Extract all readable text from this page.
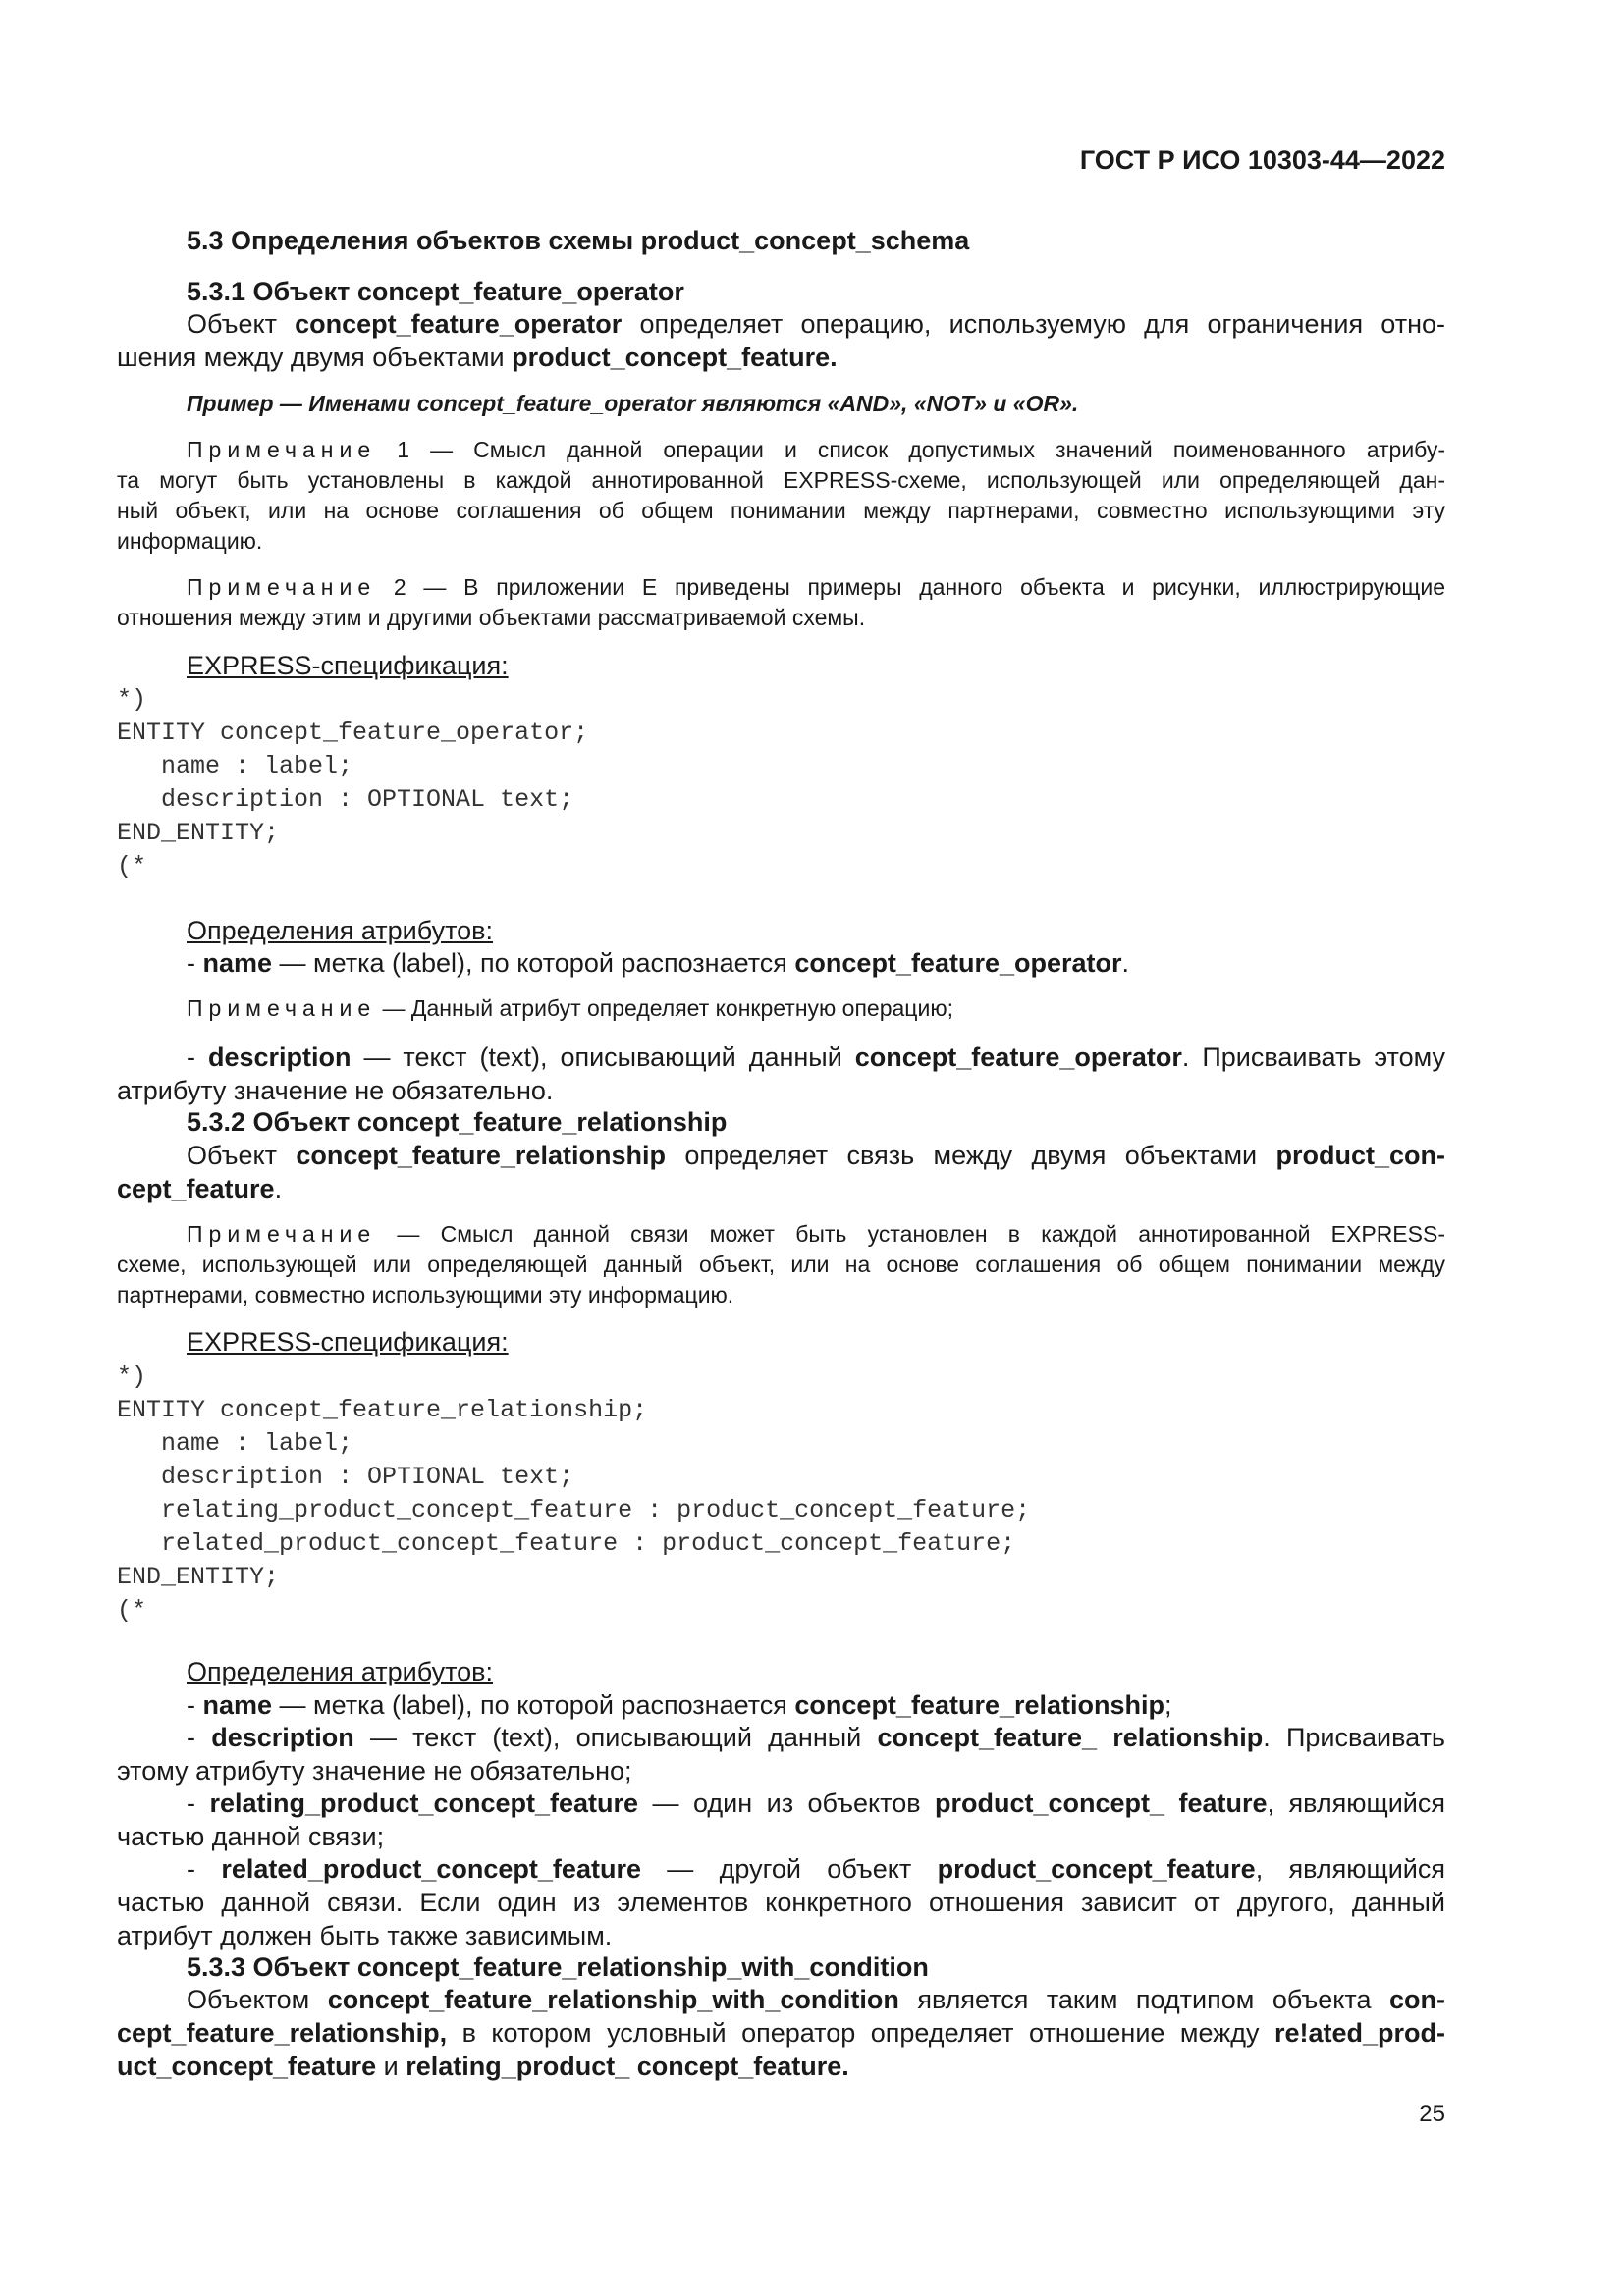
ГОСТ Р ИСО 10303-44—2022

5.3 Определения объектов схемы product_concept_schema

5.3.1 Объект concept_feature_operator

Объект concept_feature_operator определяет операцию, используемую для ограничения отно-

шения между двумя объектами product_concept_feature.

Пример — Именами concept_feature_operator являются «AND», «NOT» и «OR».

Примечание 1 — Смысл данной операции и список допустимых значений поименованного атрибу-
та могут быть установлены в каждой аннотированной EXPRESS-схеме, использующей или определяющей дан-
ный объект, или на основе соглашения об общем понимании между партнерами, совместно использующими эту
информацию.
Примечание 2 — В приложении Е приведены примеры данного объекта и рисунки, иллюстрирующие
отношения между этим и другими объектами рассматриваемой схемы.

EXPRESS-спецификация:

*)
ENTITY concept_feature_operator;
name : label;
description : OPTIONAL text;
END_ENTITY;
(*

Определения атрибутов:

- name — метка (label), по которой распознается concept_feature_operator.

Примечание — Данный атрибут определяет конкретную операцию;

- description — текст (text), описывающий данный concept_feature_operator. Присваивать этому
атрибуту значение не обязательно.

5.3.2 Объект concept_feature_relationship

Объект concept_feature_relationship определяет связь между двумя объектами product_con-
cept_feature.
Примечание — Смысл данной связи может быть установлен в каждой аннотированной EXPRESS-
схеме, использующей или определяющей данный объект, или на основе соглашения об общем понимании между
партнерами, совместно использующими эту информацию.

EXPRESS-спецификация:

*)
ENTITY concept_feature_relationship;
name : label;
description : OPTIONAL text;
relating_product_concept_feature : product_concept_feature;
related_product_concept_feature : product_concept_feature;
END_ENTITY;
(*

Определения атрибутов:

- name — метка (label), по которой распознается concept_feature_relationship;

- description — текст (text), описывающий данный concept_feature_ relationship. Присваивать
этому атрибуту значение не обязательно;
- relating_product_concept_feature — один из объектов product_concept_ feature, являющийся
частью данной связи;
- related_product_concept_feature — другой объект product_concept_feature, являющийся
частью данной связи. Если один из элементов конкретного отношения зависит от другого, данный
атрибут должен быть также зависимым.

5.3.3 Объект concept_feature_relationship_with_condition

Объектом concept_feature_relationship_with_condition является таким подтипом объекта con-
cept_feature_relationship, в котором условный оператор определяет отношение между re!ated_prod-
uct_concept_feature и relating_product_ concept_feature.

25
